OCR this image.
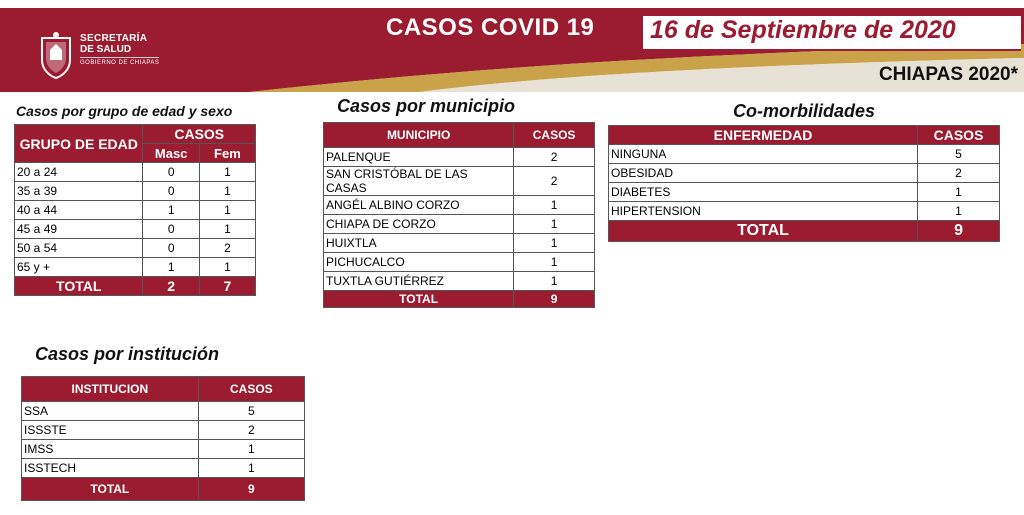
SECRETARÍA
DE SALUD
GOBIERNO DE CHIAPAS
CASOS COVID 19 16 de Septiembre de 2020
CHIAPAS 2020*
Casos por grupo de edad y sexo
GRUPO DE EDAD	CASOS	
	Masc	Fem
20 a 24	0	1
35 a 39	0	1
40 a 44	1	1
45 a 49	0	1
50 a 54	0	2
65 y +	1	1
TOTAL	2	7
Casos por municipio
MUNICIPIO	CASOS
PALENQUE	2
SAN CRISTÓBAL DE LAS CASAS	2
ANGÉL ALBINO CORZO	1
CHIAPA DE CORZO	1
HUIXTLA	1
PICHUCALCO	1
TUXTLA GUTIÉRREZ	1
TOTAL	9
Co-morbilidades
ENFERMEDAD	CASOS
NINGUNA	5
OBESIDAD	2
DIABETES	1
HIPERTENSION	1
TOTAL	9
Casos por institución
INSTITUCION	CASOS
SSA	5
ISSSTE	2
IMSS	1
ISSTECH	1
TOTAL	9
